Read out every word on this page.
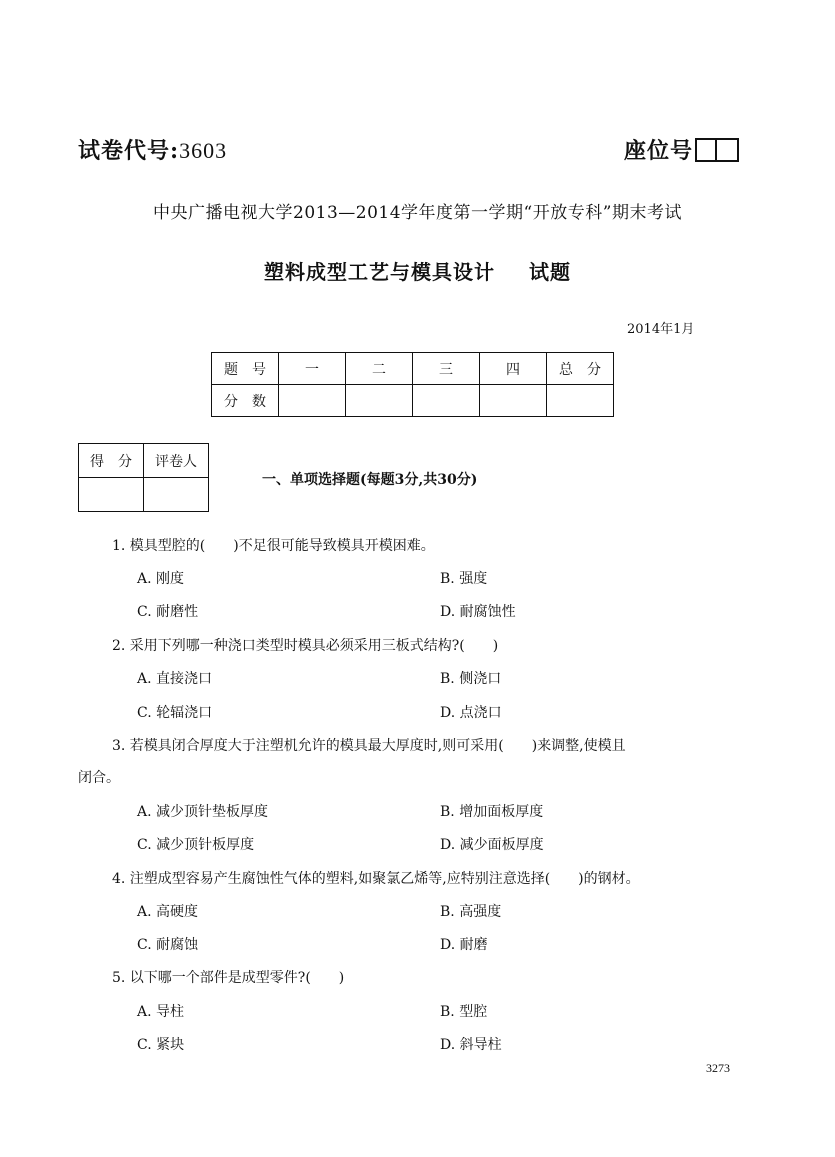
试卷代号:3603	座位号
中央广播电视大学2013—2014学年度第一学期“开放专科”期末考试
塑料成型工艺与模具设计 试题
2014年1月
题　号	一	二	三	四	总　分
分　数					
得　分	评卷人

一、单项选择题(每题3分,共30分)
1. 模具型腔的(　　)不足很可能导致模具开模困难。
A. 刚度	B. 强度
C. 耐磨性	D. 耐腐蚀性
2. 采用下列哪一种浇口类型时模具必须采用三板式结构?(　　)
A. 直接浇口	B. 侧浇口
C. 轮辐浇口	D. 点浇口
3. 若模具闭合厚度大于注塑机允许的模具最大厚度时,则可采用(　　)来调整,使模且
闭合。
A. 减少顶针垫板厚度	B. 增加面板厚度
C. 减少顶针板厚度	D. 减少面板厚度
4. 注塑成型容易产生腐蚀性气体的塑料,如聚氯乙烯等,应特别注意选择(　　)的钢材。
A. 高硬度	B. 高强度
C. 耐腐蚀	D. 耐磨
5. 以下哪一个部件是成型零件?(　　)
A. 导柱	B. 型腔
C. 紧块	D. 斜导柱
3273
